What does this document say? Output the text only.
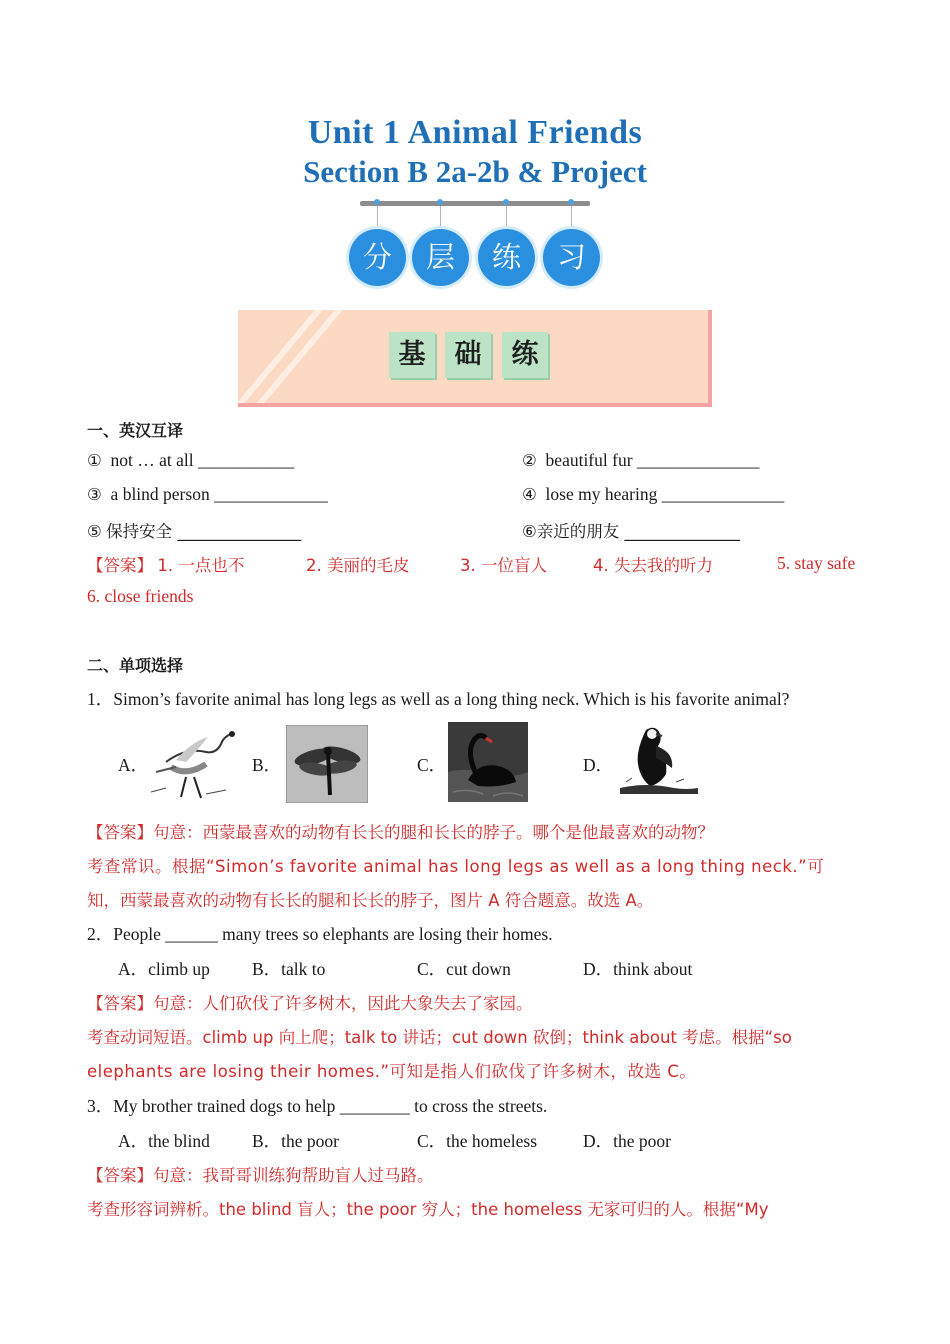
Unit 1 Animal Friends
Section B 2a-2b & Project
分	层	练	习
基	础	练
一、英汉互译
① not … at all ___________	② beautiful fur ______________
③ a blind person _____________	④ lose my hearing ______________
⑤ 保持安全 _______________	⑥亲近的朋友 ______________
【答案】 1. 一点也不	2. 美丽的毛皮	3. 一位盲人	4. 失去我的听力	5. stay safe
6. close friends
二、单项选择
1．Simon’s favorite animal has long legs as well as a long thing neck. Which is his favorite animal?
A．	B．	C．	D．
【答案】句意：西蒙最喜欢的动物有长长的腿和长长的脖子。哪个是他最喜欢的动物？
考查常识。根据“Simon’s favorite animal has long legs as well as a long thing neck.”可
知，西蒙最喜欢的动物有长长的腿和长长的脖子，图片 A 符合题意。故选 A。
2．People ______ many trees so elephants are losing their homes.
A．climb up B．talk to	C．cut down	D．think about
【答案】句意：人们砍伐了许多树木，因此大象失去了家园。
考查动词短语。climb up 向上爬；talk to 讲话；cut down 砍倒；think about 考虑。根据“so
elephants are losing their homes.”可知是指人们砍伐了许多树木，故选 C。
3．My brother trained dogs to help ________ to cross the streets.
A．the blind B．the poor	C．the homeless	D．the poor
【答案】句意：我哥哥训练狗帮助盲人过马路。
考查形容词辨析。the blind 盲人；the poor 穷人；the homeless 无家可归的人。根据“My
